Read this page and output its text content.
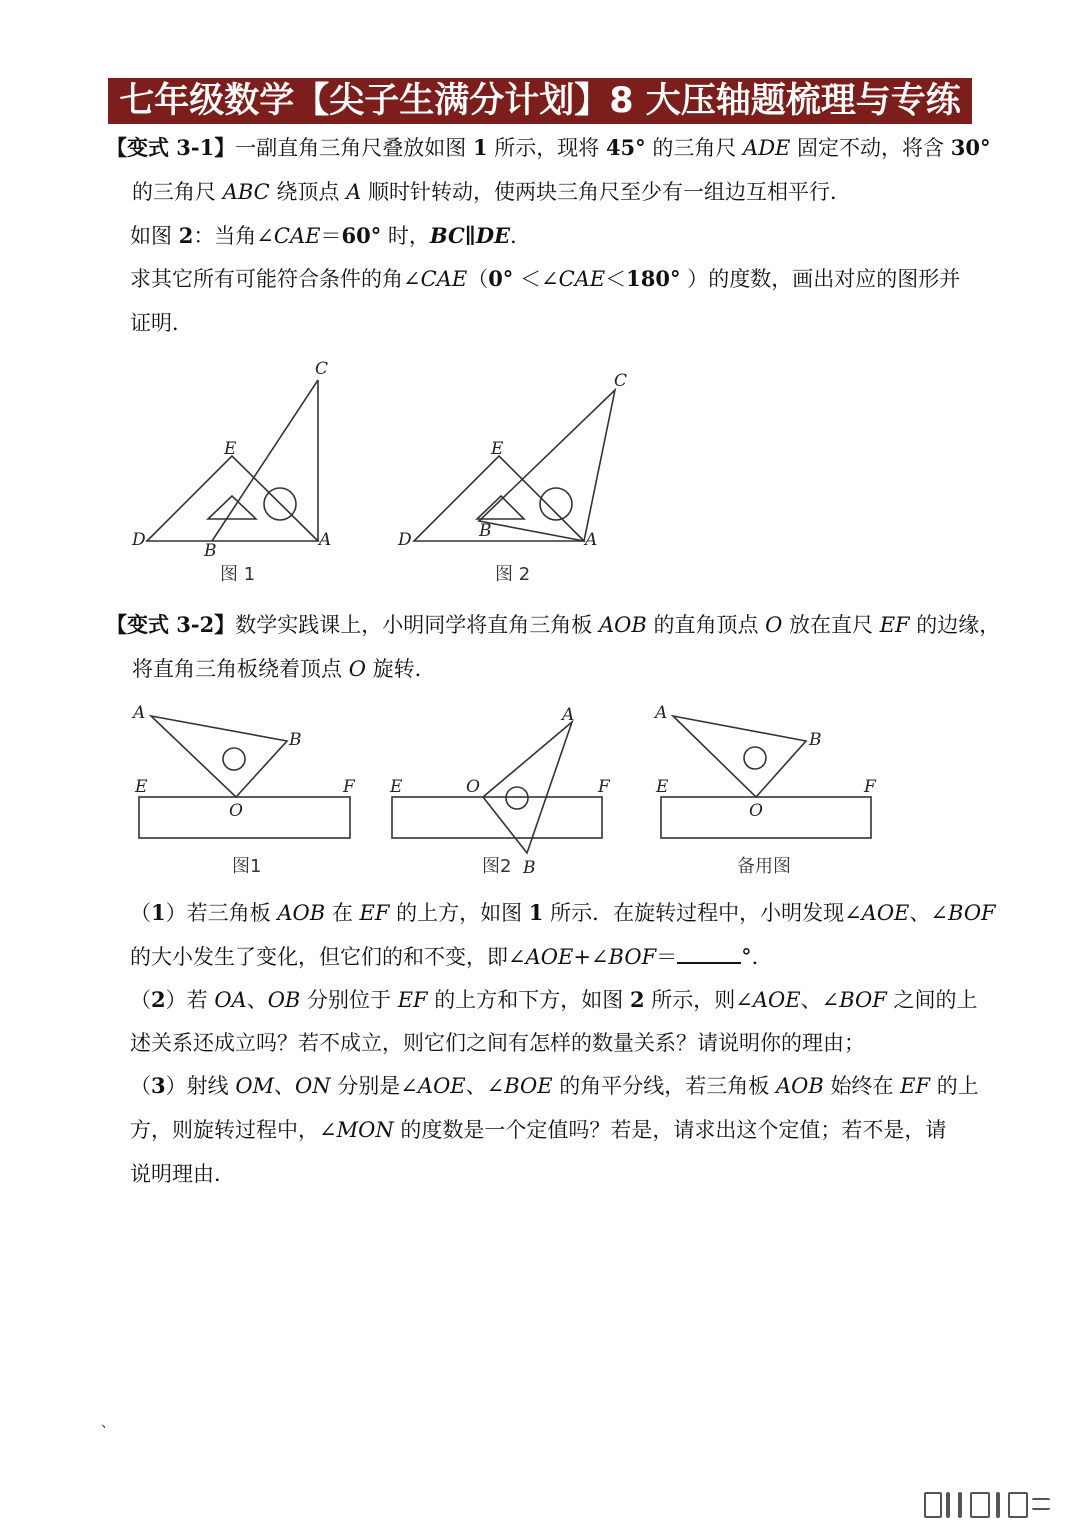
七年级数学【尖子生满分计划】8 大压轴题梳理与专练
【变式 3-1】一副直角三角尺叠放如图 1 所示，现将 45° 的三角尺 ADE 固定不动，将含 30°
的三角尺 ABC 绕顶点 A 顺时针转动，使两块三角尺至少有一组边互相平行．
如图 2：当角∠CAE＝60° 时，BC∥DE．
求其它所有可能符合条件的角∠CAE（0° ＜∠CAE＜180° ）的度数，画出对应的图形并
证明．
【变式 3-2】数学实践课上，小明同学将直角三角板 AOB 的直角顶点 O 放在直尺 EF 的边缘，
将直角三角板绕着顶点 O 旋转．
（1）若三角板 AOB 在 EF 的上方，如图 1 所示．在旋转过程中，小明发现∠AOE、∠BOF
的大小发生了变化，但它们的和不变，即∠AOE+∠BOF＝	°．
（2）若 OA、OB 分别位于 EF 的上方和下方，如图 2 所示，则∠AOE、∠BOF 之间的上
述关系还成立吗？若不成立，则它们之间有怎样的数量关系？请说明你的理由；
（3）射线 OM、ON 分别是∠AOE、∠BOE 的角平分线，若三角板 AOB 始终在 EF 的上
方，则旋转过程中，∠MON 的度数是一个定值吗？若是，请求出这个定值；若不是，请
说明理由．
C
E
D
B
A
图 1
C
E
D	B	A
图 2
A
B
E	F
O
图1
A
B
E	F
O
图2
A
B
E	F
O
备用图
、
